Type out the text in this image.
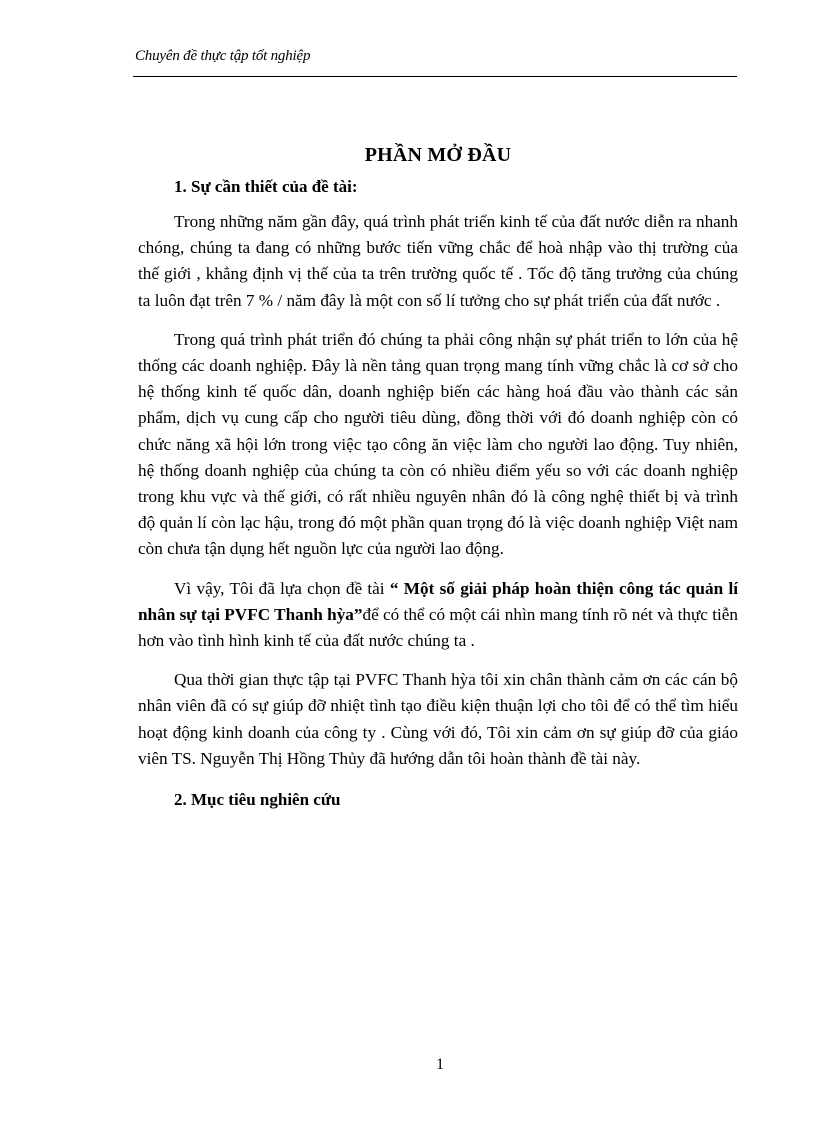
Chuyên đề thực tập tốt nghiệp
PHẦN MỞ ĐẦU
1. Sự cần thiết của đề tài:

Trong những năm gần đây, quá trình phát triển kinh tế của đất nước diễn ra nhanh chóng, chúng ta đang có những bước tiến vững chắc để hoà nhập vào thị trường của thế giới , khẳng định vị thế của ta trên trường quốc tế . Tốc độ tăng trưởng của chúng ta luôn đạt trên 7 % / năm đây là một con số lí tưởng cho sự phát triển của đất nước .

Trong quá trình phát triển đó chúng ta phải công nhận sự phát triển to lớn của hệ thống các doanh nghiệp. Đây là nền tảng quan trọng mang tính vững chắc là cơ sở cho hệ thống kinh tế quốc dân, doanh nghiệp biến các hàng hoá đầu vào thành các sản phẩm, dịch vụ cung cấp cho người tiêu dùng, đồng thời với đó doanh nghiệp còn có chức năng xã hội lớn trong việc tạo công ăn việc làm cho người lao động. Tuy nhiên, hệ thống doanh nghiệp của chúng ta còn có nhiều điểm yếu so với các doanh nghiệp trong khu vực và thế giới, có rất nhiều nguyên nhân đó là công nghệ thiết bị và trình độ quản lí còn lạc hậu, trong đó một phần quan trọng đó là việc doanh nghiệp Việt nam còn chưa tận dụng hết nguồn lực của người lao động.

Vì vậy, Tôi đã lựa chọn đề tài “ Một số giải pháp hoàn thiện công tác quản lí nhân sự tại PVFC Thanh hỳa”để có thể có một cái nhìn mang tính rõ nét và thực tiễn hơn vào tình hình kinh tế của đất nước chúng ta .

Qua thời gian thực tập tại PVFC Thanh hỳa tôi xin chân thành cảm ơn các cán bộ nhân viên đã có sự giúp đỡ nhiệt tình tạo điều kiện thuận lợi cho tôi để có thể tìm hiểu hoạt động kinh doanh của công ty . Cùng với đó, Tôi xin cảm ơn sự giúp đỡ của giáo viên TS. Nguyễn Thị Hồng Thủy đã hướng dẫn tôi hoàn thành đề tài này.

2. Mục tiêu nghiên cứu
1
